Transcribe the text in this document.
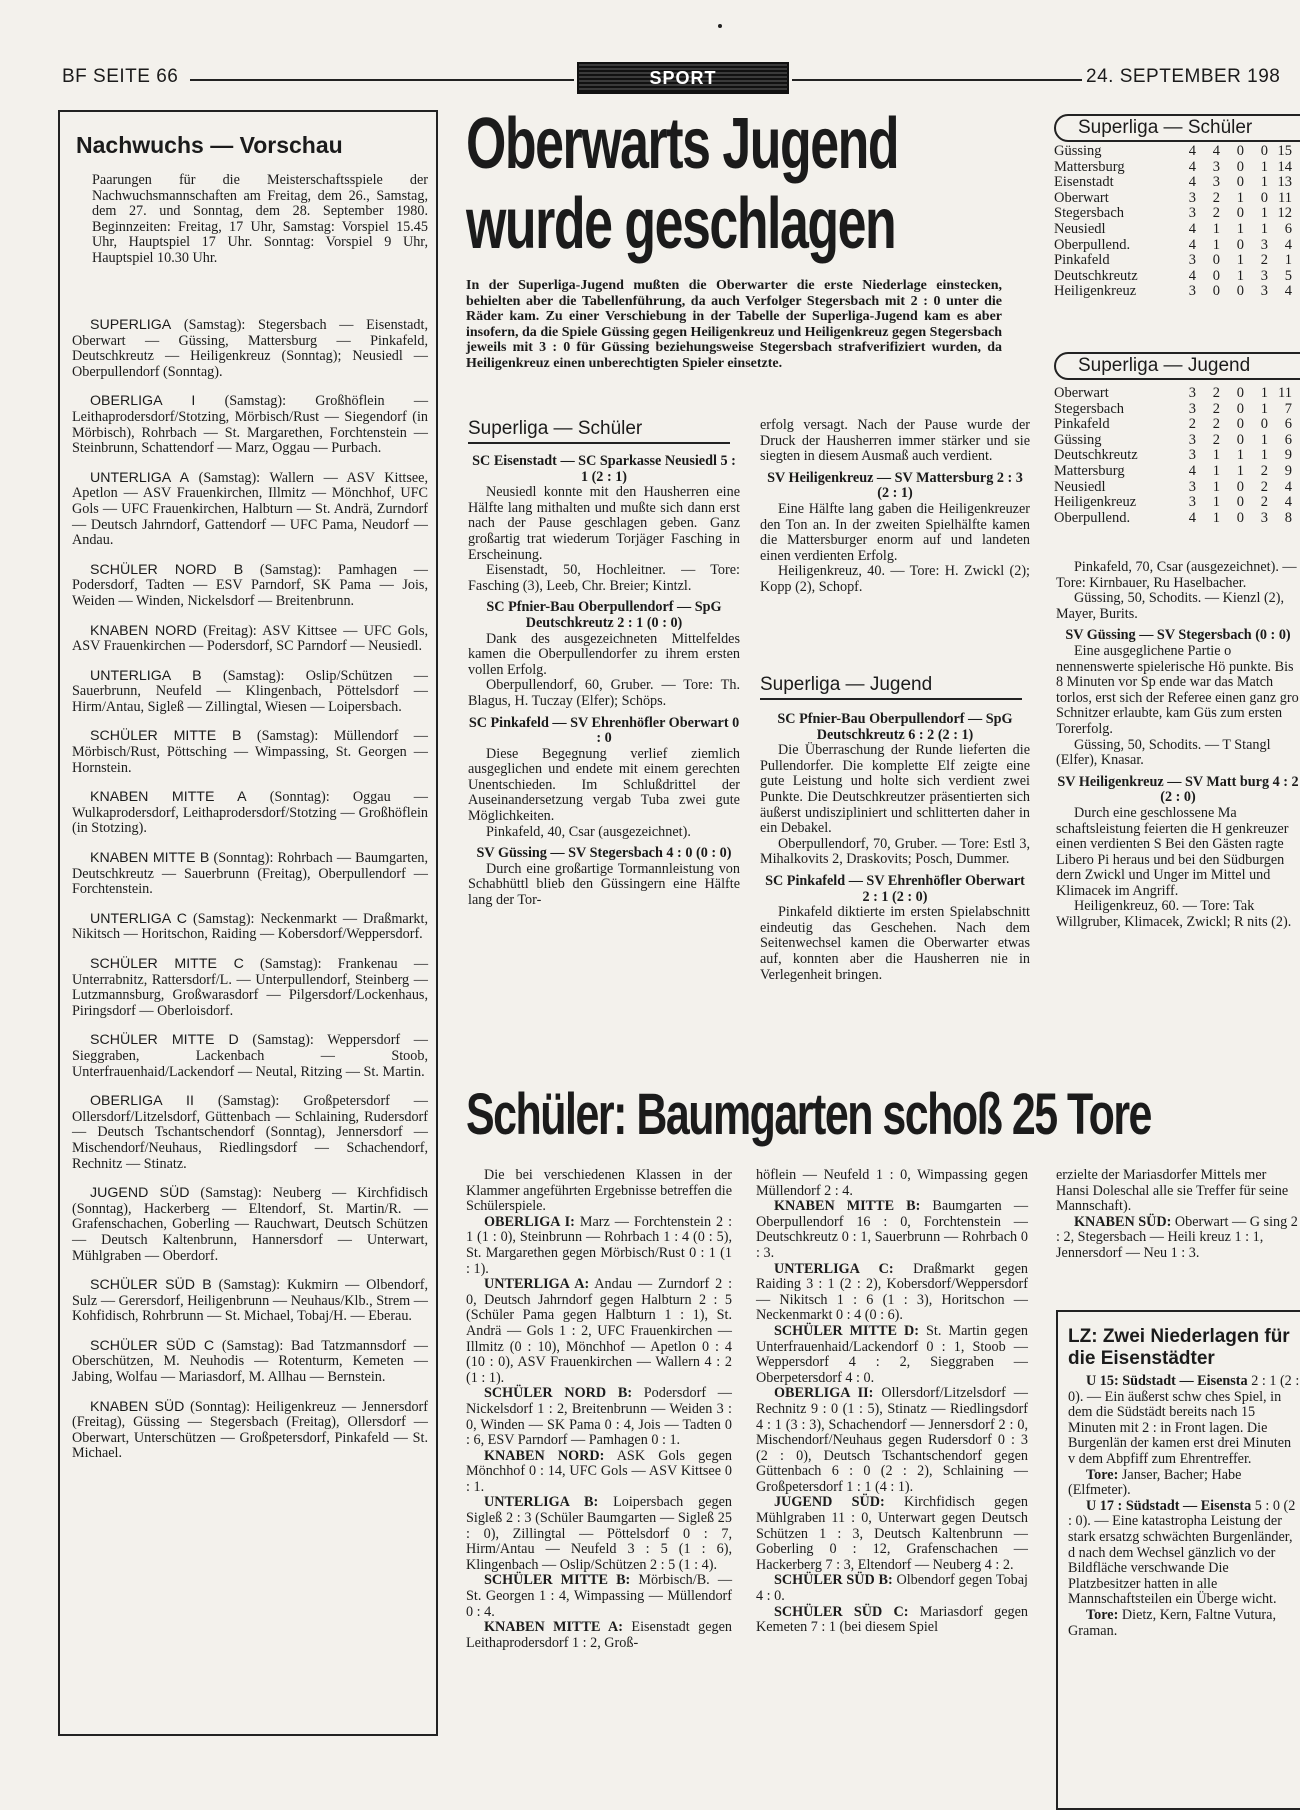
BF SEITE 66	SPORT	24. SEPTEMBER 198
Nachwuchs — Vorschau

Paarungen für die Meisterschaftsspiele der Nachwuchsmannschaften am Freitag, dem 26., Samstag, dem 27. und Sonntag, dem 28. September 1980. Beginnzeiten: Freitag, 17 Uhr, Samstag: Vorspiel 15.45 Uhr, Hauptspiel 17 Uhr. Sonntag: Vorspiel 9 Uhr, Hauptspiel 10.30 Uhr.

SUPERLIGA (Samstag): Stegersbach — Eisenstadt, Oberwart — Güssing, Mattersburg — Pinkafeld, Deutschkreutz — Heiligenkreuz (Sonntag); Neusiedl — Oberpullendorf (Sonntag).

OBERLIGA I (Samstag): Großhöflein — Leithaprodersdorf/Stotzing, Mörbisch/Rust — Siegendorf (in Mörbisch), Rohrbach — St. Margarethen, Forchtenstein — Steinbrunn, Schattendorf — Marz, Oggau — Purbach.

UNTERLIGA A (Samstag): Wallern — ASV Kittsee, Apetlon — ASV Frauenkirchen, Illmitz — Mönchhof, UFC Gols — UFC Frauenkirchen, Halbturn — St. Andrä, Zurndorf — Deutsch Jahrndorf, Gattendorf — UFC Pama, Neudorf — Andau.

SCHÜLER NORD B (Samstag): Pamhagen — Podersdorf, Tadten — ESV Parndorf, SK Pama — Jois, Weiden — Winden, Nickelsdorf — Breitenbrunn.

KNABEN NORD (Freitag): ASV Kittsee — UFC Gols, ASV Frauenkirchen — Podersdorf, SC Parndorf — Neusiedl.

UNTERLIGA B (Samstag): Oslip/Schützen — Sauerbrunn, Neufeld — Klingenbach, Pöttelsdorf — Hirm/Antau, Sigleß — Zillingtal, Wiesen — Loipersbach.

SCHÜLER MITTE B (Samstag): Müllendorf — Mörbisch/Rust, Pöttsching — Wimpassing, St. Georgen — Hornstein.

KNABEN MITTE A (Sonntag): Oggau — Wulkaprodersdorf, Leithaprodersdorf/Stotzing — Großhöflein (in Stotzing).

KNABEN MITTE B (Sonntag): Rohrbach — Baumgarten, Deutschkreutz — Sauerbrunn (Freitag), Oberpullendorf — Forchtenstein.

UNTERLIGA C (Samstag): Neckenmarkt — Draßmarkt, Nikitsch — Horitschon, Raiding — Kobersdorf/Weppersdorf.

SCHÜLER MITTE C (Samstag): Frankenau — Unterrabnitz, Rattersdorf/L. — Unterpullendorf, Steinberg — Lutzmannsburg, Großwarasdorf — Pilgersdorf/Lockenhaus, Piringsdorf — Oberloisdorf.

SCHÜLER MITTE D (Samstag): Weppersdorf — Sieggraben, Lackenbach — Stoob, Unterfrauenhaid/Lackendorf — Neutal, Ritzing — St. Martin.

OBERLIGA II (Samstag): Großpetersdorf — Ollersdorf/Litzelsdorf, Güttenbach — Schlaining, Rudersdorf — Deutsch Tschantschendorf (Sonntag), Jennersdorf — Mischendorf/Neuhaus, Riedlingsdorf — Schachendorf, Rechnitz — Stinatz.

JUGEND SÜD (Samstag): Neuberg — Kirchfidisch (Sonntag), Hackerberg — Eltendorf, St. Martin/R. — Grafenschachen, Goberling — Rauchwart, Deutsch Schützen — Deutsch Kaltenbrunn, Hannersdorf — Unterwart, Mühlgraben — Oberdorf.

SCHÜLER SÜD B (Samstag): Kukmirn — Olbendorf, Sulz — Gerersdorf, Heiligenbrunn — Neuhaus/Klb., Strem — Kohfidisch, Rohrbrunn — St. Michael, Tobaj/H. — Eberau.

SCHÜLER SÜD C (Samstag): Bad Tatzmannsdorf — Oberschützen, M. Neuhodis — Rotenturm, Kemeten — Jabing, Wolfau — Mariasdorf, M. Allhau — Bernstein.

KNABEN SÜD (Sonntag): Heiligenkreuz — Jennersdorf (Freitag), Güssing — Stegersbach (Freitag), Ollersdorf — Oberwart, Unterschützen — Großpetersdorf, Pinkafeld — St. Michael.

Oberwarts Jugend
wurde geschlagen
In der Superliga-Jugend mußten die Oberwarter die erste Niederlage einstecken, behielten aber die Tabellenführung, da auch Verfolger Stegersbach mit 2 : 0 unter die Räder kam. Zu einer Verschiebung in der Tabelle der Superliga-Jugend kam es aber insofern, da die Spiele Güssing gegen Heiligenkreuz und Heiligenkreuz gegen Stegersbach jeweils mit 3 : 0 für Güssing beziehungsweise Stegersbach strafverifiziert wurden, da Heiligenkreuz einen unberechtigten Spieler einsetzte.
Superliga — Schüler
SC Eisenstadt — SC Sparkasse Neusiedl 5 : 1 (2 : 1)

Neusiedl konnte mit den Hausherren eine Hälfte lang mithalten und mußte sich dann erst nach der Pause geschlagen geben. Ganz großartig trat wiederum Torjäger Fasching in Erscheinung.

Eisenstadt, 50, Hochleitner. — Tore: Fasching (3), Leeb, Chr. Breier; Kintzl.

SC Pfnier-Bau Oberpullendorf — SpG Deutschkreutz 2 : 1 (0 : 0)

Dank des ausgezeichneten Mittelfeldes kamen die Oberpullendorfer zu ihrem ersten vollen Erfolg.

Oberpullendorf, 60, Gruber. — Tore: Th. Blagus, H. Tuczay (Elfer); Schöps.

SC Pinkafeld — SV Ehrenhöfler Oberwart 0 : 0

Diese Begegnung verlief ziemlich ausgeglichen und endete mit einem gerechten Unentschieden. Im Schlußdrittel der Auseinandersetzung vergab Tuba zwei gute Möglichkeiten.

Pinkafeld, 40, Csar (ausgezeichnet).

SV Güssing — SV Stegersbach 4 : 0 (0 : 0)

Durch eine großartige Tormannleistung von Schabhüttl blieb den Güssingern eine Hälfte lang der Tor-

erfolg versagt. Nach der Pause wurde der Druck der Hausherren immer stärker und sie siegten in diesem Ausmaß auch verdient.

SV Heiligenkreuz — SV Mattersburg 2 : 3 (2 : 1)

Eine Hälfte lang gaben die Heiligenkreuzer den Ton an. In der zweiten Spielhälfte kamen die Mattersburger enorm auf und landeten einen verdienten Erfolg.

Heiligenkreuz, 40. — Tore: H. Zwickl (2); Kopp (2), Schopf.

Superliga — Jugend
SC Pfnier-Bau Oberpullendorf — SpG Deutschkreutz 6 : 2 (2 : 1)

Die Überraschung der Runde lieferten die Pullendorfer. Die komplette Elf zeigte eine gute Leistung und holte sich verdient zwei Punkte. Die Deutschkreutzer präsentierten sich äußerst undiszipliniert und schlitterten daher in ein Debakel.

Oberpullendorf, 70, Gruber. — Tore: Estl 3, Mihalkovits 2, Draskovits; Posch, Dummer.

SC Pinkafeld — SV Ehrenhöfler Oberwart 2 : 1 (2 : 0)

Pinkafeld diktierte im ersten Spielabschnitt eindeutig das Geschehen. Nach dem Seitenwechsel kamen die Oberwarter etwas auf, konnten aber die Hausherren nie in Verlegenheit bringen.

Superliga — Schüler
Güssing	4	4	0	0	15
Mattersburg	4	3	0	1	14
Eisenstadt	4	3	0	1	13
Oberwart	3	2	1	0	11
Stegersbach	3	2	0	1	12
Neusiedl	4	1	1	1	6
Oberpullend.	4	1	0	3	4
Pinkafeld	3	0	1	2	1
Deutschkreutz	4	0	1	3	5
Heiligenkreuz	3	0	0	3	4
Superliga — Jugend
Oberwart	3	2	0	1	11
Stegersbach	3	2	0	1	7
Pinkafeld	2	2	0	0	6
Güssing	3	2	0	1	6
Deutschkreutz	3	1	1	1	9
Mattersburg	4	1	1	2	9
Neusiedl	3	1	0	2	4
Heiligenkreuz	3	1	0	2	4
Oberpullend.	4	1	0	3	8

Pinkafeld, 70, Csar (ausgezeichnet). — Tore: Kirnbauer, Ru Haselbacher.

Güssing, 50, Schodits. — Kienzl (2), Mayer, Burits.

SV Güssing — SV Stegersbach (0 : 0)

Eine ausgeglichene Partie o nennenswerte spielerische Hö punkte. Bis 8 Minuten vor Sp ende war das Match torlos, erst sich der Referee einen ganz gro Schnitzer erlaubte, kam Güs zum ersten Torerfolg.

Güssing, 50, Schodits. — T Stangl (Elfer), Knasar.

SV Heiligenkreuz — SV Matt burg 4 : 2 (2 : 0)

Durch eine geschlossene Ma schaftsleistung feierten die H genkreuzer einen verdienten S Bei den Gästen ragte Libero Pi heraus und bei den Südburgen dern Zwickl und Unger im Mittel und Klimacek im Angriff.

Heiligenkreuz, 60. — Tore: Tak Willgruber, Klimacek, Zwickl; R nits (2).

Schüler: Baumgarten schoß 25 Tore

Die bei verschiedenen Klassen in der Klammer angeführten Ergebnisse betreffen die Schülerspiele.

OBERLIGA I: Marz — Forchtenstein 2 : 1 (1 : 0), Steinbrunn — Rohrbach 1 : 4 (0 : 5), St. Margarethen gegen Mörbisch/Rust 0 : 1 (1 : 1).

UNTERLIGA A: Andau — Zurndorf 2 : 0, Deutsch Jahrndorf gegen Halbturn 2 : 5 (Schüler Pama gegen Halbturn 1 : 1), St. Andrä — Gols 1 : 2, UFC Frauenkirchen — Illmitz (0 : 10), Mönchhof — Apetlon 0 : 4 (10 : 0), ASV Frauenkirchen — Wallern 4 : 2 (1 : 1).

SCHÜLER NORD B: Podersdorf — Nickelsdorf 1 : 2, Breitenbrunn — Weiden 3 : 0, Winden — SK Pama 0 : 4, Jois — Tadten 0 : 6, ESV Parndorf — Pamhagen 0 : 1.

KNABEN NORD: ASK Gols gegen Mönchhof 0 : 14, UFC Gols — ASV Kittsee 0 : 1.

UNTERLIGA B: Loipersbach gegen Sigleß 2 : 3 (Schüler Baumgarten — Sigleß 25 : 0), Zillingtal — Pöttelsdorf 0 : 7, Hirm/Antau — Neufeld 3 : 5 (1 : 6), Klingenbach — Oslip/Schützen 2 : 5 (1 : 4).

SCHÜLER MITTE B: Mörbisch/B. — St. Georgen 1 : 4, Wimpassing — Müllendorf 0 : 4.

KNABEN MITTE A: Eisenstadt gegen Leithaprodersdorf 1 : 2, Groß-

höflein — Neufeld 1 : 0, Wimpassing gegen Müllendorf 2 : 4.

KNABEN MITTE B: Baumgarten — Oberpullendorf 16 : 0, Forchtenstein — Deutschkreutz 0 : 1, Sauerbrunn — Rohrbach 0 : 3.

UNTERLIGA C: Draßmarkt gegen Raiding 3 : 1 (2 : 2), Kobersdorf/Weppersdorf — Nikitsch 1 : 6 (1 : 3), Horitschon — Neckenmarkt 0 : 4 (0 : 6).

SCHÜLER MITTE D: St. Martin gegen Unterfrauenhaid/Lackendorf 0 : 1, Stoob — Weppersdorf 4 : 2, Sieggraben — Oberpetersdorf 4 : 0.

OBERLIGA II: Ollersdorf/Litzelsdorf — Rechnitz 9 : 0 (1 : 5), Stinatz — Riedlingsdorf 4 : 1 (3 : 3), Schachendorf — Jennersdorf 2 : 0, Mischendorf/Neuhaus gegen Rudersdorf 0 : 3 (2 : 0), Deutsch Tschantschendorf gegen Güttenbach 6 : 0 (2 : 2), Schlaining — Großpetersdorf 1 : 1 (4 : 1).

JUGEND SÜD: Kirchfidisch gegen Mühlgraben 11 : 0, Unterwart gegen Deutsch Schützen 1 : 3, Deutsch Kaltenbrunn — Goberling 0 : 12, Grafenschachen — Hackerberg 7 : 3, Eltendorf — Neuberg 4 : 2.

SCHÜLER SÜD B: Olbendorf gegen Tobaj 4 : 0.

SCHÜLER SÜD C: Mariasdorf gegen Kemeten 7 : 1 (bei diesem Spiel

erzielte der Mariasdorfer Mittels mer Hansi Doleschal alle sie Treffer für seine Mannschaft).

KNABEN SÜD: Oberwart — G sing 2 : 2, Stegersbach — Heili kreuz 1 : 1, Jennersdorf — Neu 1 : 3.

LZ: Zwei Niederlagen für die Eisenstädter

U 15: Südstadt — Eisensta 2 : 1 (2 : 0). — Ein äußerst schw ches Spiel, in dem die Südstädt bereits nach 15 Minuten mit 2 : in Front lagen. Die Burgenlän der kamen erst drei Minuten v dem Abpfiff zum Ehrentreffer.

Tore: Janser, Bacher; Habe (Elfmeter).

U 17 : Südstadt — Eisensta 5 : 0 (2 : 0). — Eine katastropha Leistung der stark ersatzg schwächten Burgenländer, d nach dem Wechsel gänzlich vo der Bildfläche verschwande Die Platzbesitzer hatten in alle Mannschaftsteilen ein Überge wicht.

Tore: Dietz, Kern, Faltne Vutura, Graman.
